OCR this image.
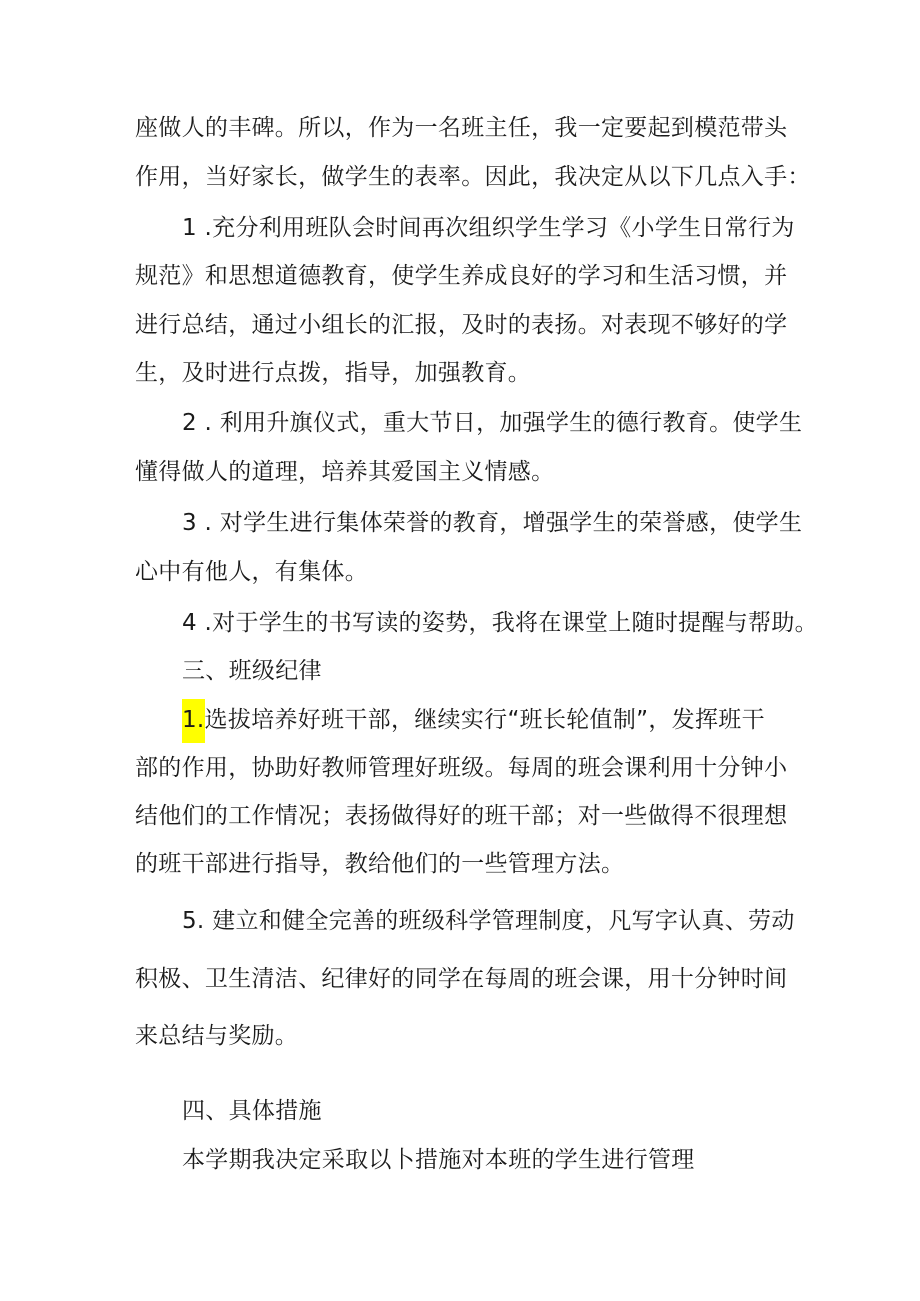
座做人的丰碑。所以，作为一名班主任，我一定要起到模范带头
作用，当好家长，做学生的表率。因此，我决定从以下几点入手：
1 .充分利用班队会时间再次组织学生学习《小学生日常行为
规范》和思想道德教育，使学生养成良好的学习和生活习惯，并
进行总结，通过小组长的汇报，及时的表扬。对表现不够好的学
生，及时进行点拨，指导，加强教育。
2 . 利用升旗仪式，重大节日，加强学生的德行教育。使学生
懂得做人的道理，培养其爱国主义情感。
3 . 对学生进行集体荣誉的教育，增强学生的荣誉感，使学生
心中有他人，有集体。
4 .对于学生的书写读的姿势，我将在课堂上随时提醒与帮助。
三、班级纪律
1.选拔培养好班干部，继续实行“班长轮值制”，发挥班干
部的作用，协助好教师管理好班级。每周的班会课利用十分钟小
结他们的工作情况；表扬做得好的班干部；对一些做得不很理想
的班干部进行指导，教给他们的一些管理方法。
5. 建立和健全完善的班级科学管理制度，凡写字认真、劳动
积极、卫生清洁、纪律好的同学在每周的班会课，用十分钟时间
来总结与奖励。
四、具体措施
本学期我决定采取以卜措施对本班的学生进行管理
